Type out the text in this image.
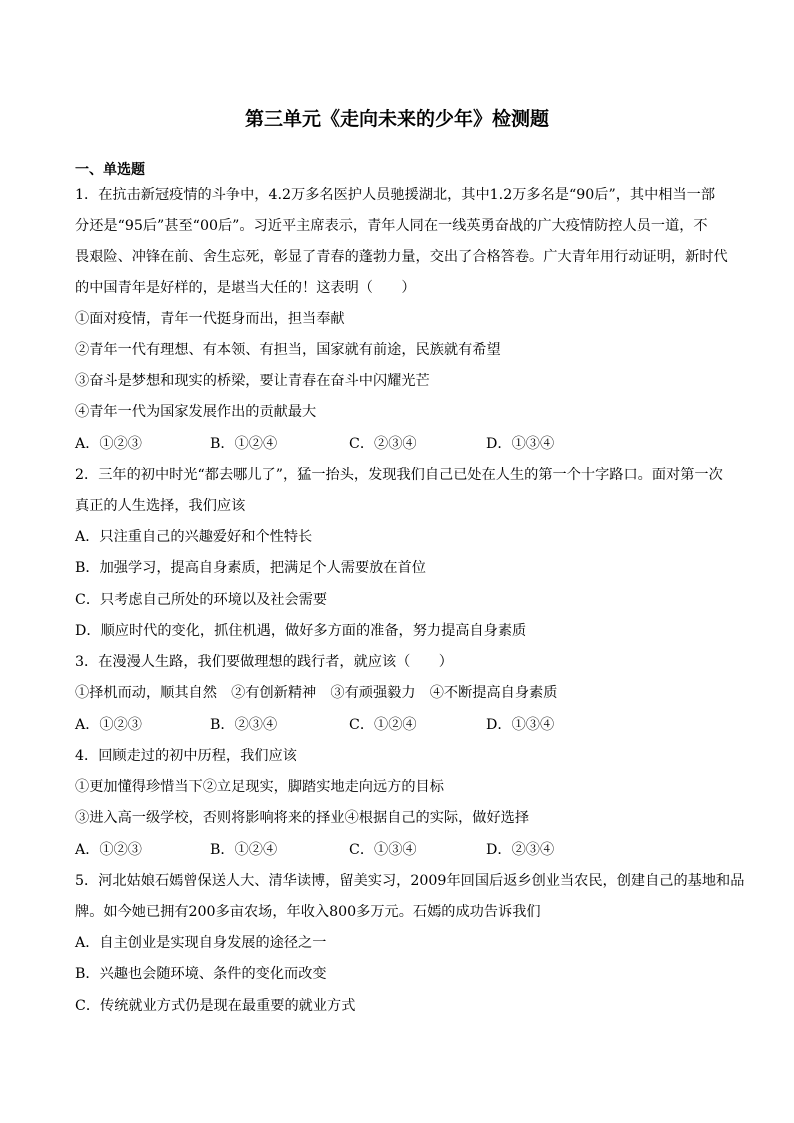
第三单元《走向未来的少年》检测题
一、单选题
1．在抗击新冠疫情的斗争中，4.2万多名医护人员驰援湖北，其中1.2万多名是“90后”，其中相当一部
分还是“95后”甚至“00后”。习近平主席表示，青年人同在一线英勇奋战的广大疫情防控人员一道，不
畏艰险、冲锋在前、舍生忘死，彰显了青春的蓬勃力量，交出了合格答卷。广大青年用行动证明，新时代
的中国青年是好样的，是堪当大任的！这表明（　　）
①面对疫情，青年一代挺身而出，担当奉献
②青年一代有理想、有本领、有担当，国家就有前途，民族就有希望
③奋斗是梦想和现实的桥梁，要让青春在奋斗中闪耀光芒
④青年一代为国家发展作出的贡献最大
A．①②③	B．①②④	C．②③④	D．①③④
2．三年的初中时光“都去哪儿了”，猛一抬头，发现我们自己已处在人生的第一个十字路口。面对第一次
真正的人生选择，我们应该
A．只注重自己的兴趣爱好和个性特长
B．加强学习，提高自身素质，把满足个人需要放在首位
C．只考虑自己所处的环境以及社会需要
D．顺应时代的变化，抓住机遇，做好多方面的准备，努力提高自身素质
3．在漫漫人生路，我们要做理想的践行者，就应该（　　）
①择机而动，顺其自然　②有创新精神　③有顽强毅力　④不断提高自身素质
A．①②③	B．②③④	C．①②④	D．①③④
4．回顾走过的初中历程，我们应该
①更加懂得珍惜当下②立足现实，脚踏实地走向远方的目标
③进入高一级学校，否则将影响将来的择业④根据自己的实际，做好选择
A．①②③	B．①②④	C．①③④	D．②③④
5．河北姑娘石嫣曾保送人大、清华读博，留美实习，2009年回国后返乡创业当农民，创建自己的基地和品
牌。如今她已拥有200多亩农场，年收入800多万元。石嫣的成功告诉我们
A．自主创业是实现自身发展的途径之一
B．兴趣也会随环境、条件的变化而改变
C．传统就业方式仍是现在最重要的就业方式
